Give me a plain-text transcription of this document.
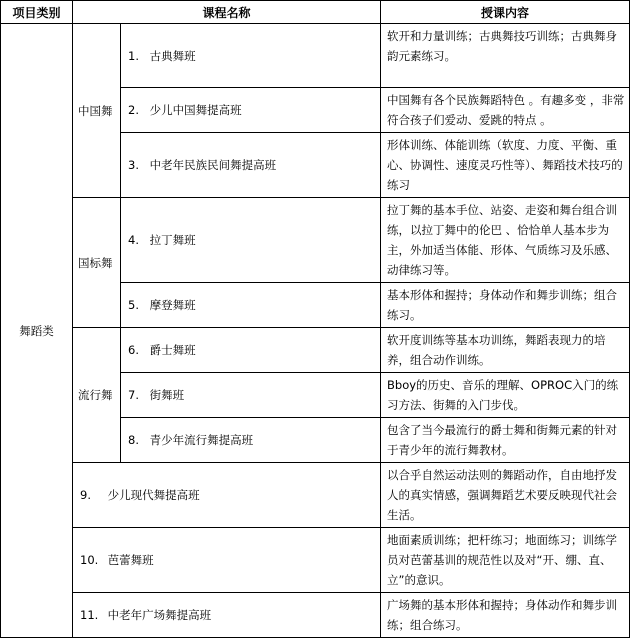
项目类别	课程名称		授课内容
舞蹈类	中国舞	1. 古典舞班	软开和力量训练；古典舞技巧训练；古典舞身韵元素练习。
		2. 少儿中国舞提高班	中国舞有各个民族舞蹈特色 。有趣多变 ，非常符合孩子们爱动、爱跳的特点 。
		3. 中老年民族民间舞提高班	形体训练、体能训练（软度、力度、平衡、重心、协调性、速度灵巧性等）、舞蹈技术技巧的练习
	国标舞	4. 拉丁舞班	拉丁舞的基本手位、站姿、走姿和舞台组合训练，以拉丁舞中的伦巴 、恰恰单人基本步为主，外加适当体能、形体、气质练习及乐感、动律练习等。
		5. 摩登舞班	基本形体和握持；身体动作和舞步训练；组合练习。
	流行舞	6. 爵士舞班	软开度训练等基本功训练，舞蹈表现力的培养，组合动作训练。
		7. 街舞班	Bboy的历史、音乐的理解、OPROC入门的练习方法、街舞的入门步伐。
		8. 青少年流行舞提高班	包含了当今最流行的爵士舞和街舞元素的针对于青少年的流行舞教材。
	9. 少儿现代舞提高班		以合乎自然运动法则的舞蹈动作，自由地抒发人的真实情感，强调舞蹈艺术要反映现代社会生活。
	10. 芭蕾舞班		地面素质训练；把杆练习；地面练习；训练学员对芭蕾基训的规范性以及对“开、绷、直、立”的意识。
	11. 中老年广场舞提高班		广场舞的基本形体和握持；身体动作和舞步训练；组合练习。
